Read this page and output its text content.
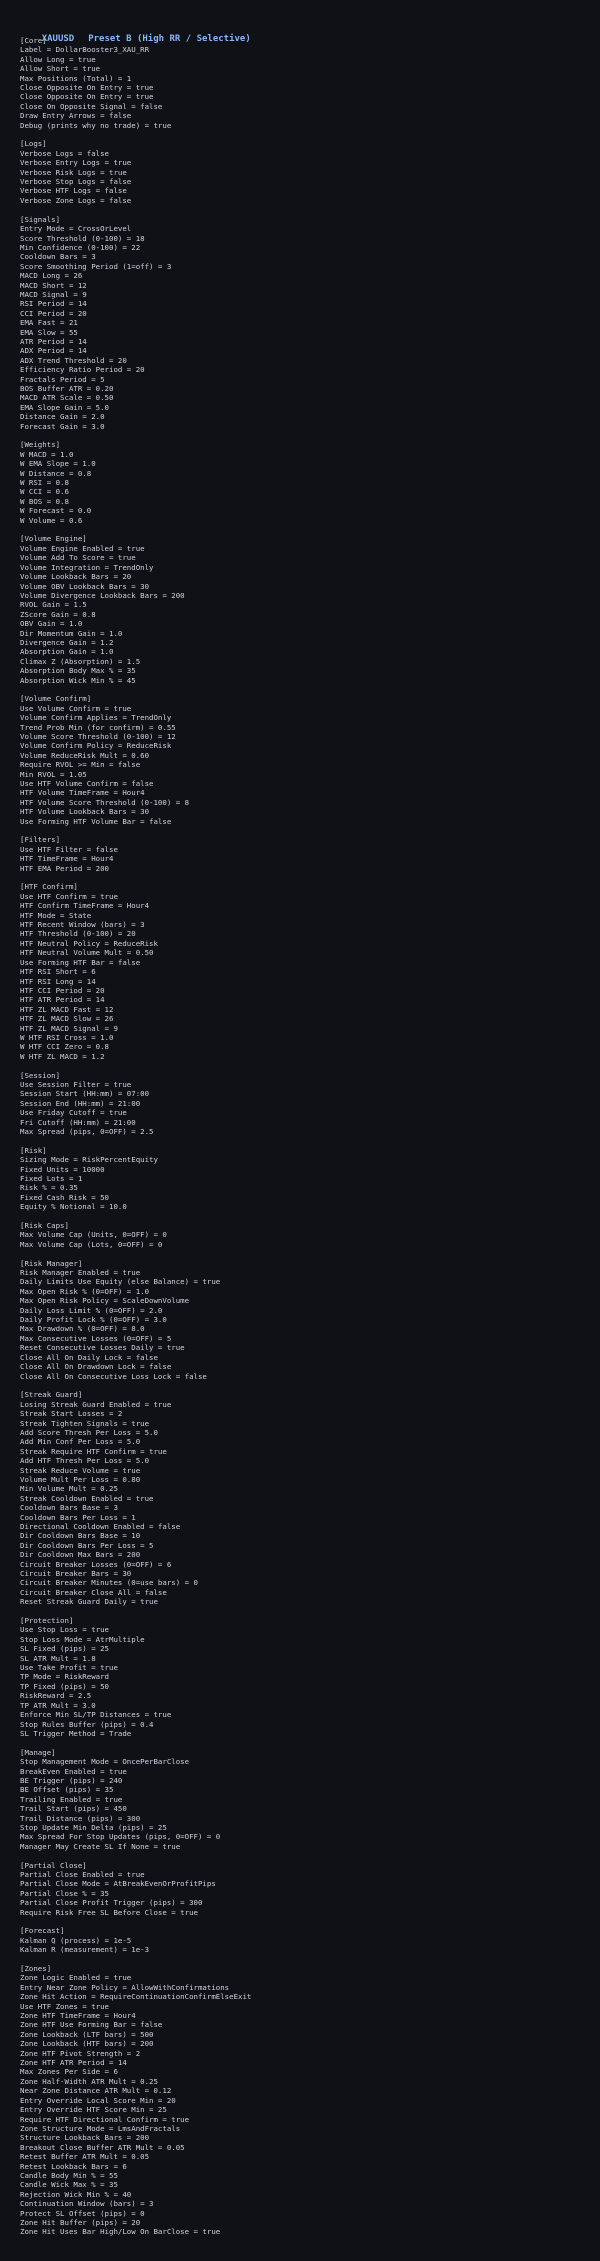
XAUUSD Preset B (High RR / Selective)

[Core]
Label = DollarBooster3_XAU_RR
Allow Long = true
Allow Short = true
Max Positions (Total) = 1
Close Opposite On Entry = true
Close Opposite On Entry = true
Close On Opposite Signal = false
Draw Entry Arrows = false
Debug (prints why no trade) = true
[Logs]
Verbose Logs = false
Verbose Entry Logs = true
Verbose Risk Logs = true
Verbose Stop Logs = false
Verbose HTF Logs = false
Verbose Zone Logs = false
[Signals]
Entry Mode = CrossOrLevel
Score Threshold (0-100) = 18
Min Confidence (0-100) = 22
Cooldown Bars = 3
Score Smoothing Period (1=off) = 3
MACD Long = 26
MACD Short = 12
MACD Signal = 9
RSI Period = 14
CCI Period = 20
EMA Fast = 21
EMA Slow = 55
ATR Period = 14
ADX Period = 14
ADX Trend Threshold = 20
Efficiency Ratio Period = 20
Fractals Period = 5
BOS Buffer ATR = 0.20
MACD ATR Scale = 0.50
EMA Slope Gain = 5.0
Distance Gain = 2.0
Forecast Gain = 3.0
[Weights]
W MACD = 1.0
W EMA Slope = 1.0
W Distance = 0.8
W RSI = 0.8
W CCI = 0.6
W BOS = 0.8
W Forecast = 0.0
W Volume = 0.6
[Volume Engine]
Volume Engine Enabled = true
Volume Add To Score = true
Volume Integration = TrendOnly
Volume Lookback Bars = 20
Volume OBV Lookback Bars = 30
Volume Divergence Lookback Bars = 200
RVOL Gain = 1.5
ZScore Gain = 0.8
OBV Gain = 1.0
Dir Momentum Gain = 1.0
Divergence Gain = 1.2
Absorption Gain = 1.0
Climax Z (Absorption) = 1.5
Absorption Body Max % = 35
Absorption Wick Min % = 45
[Volume Confirm]
Use Volume Confirm = true
Volume Confirm Applies = TrendOnly
Trend Prob Min (for confirm) = 0.55
Volume Score Threshold (0-100) = 12
Volume Confirm Policy = ReduceRisk
Volume ReduceRisk Mult = 0.60
Require RVOL >= Min = false
Min RVOL = 1.05
Use HTF Volume Confirm = false
HTF Volume TimeFrame = Hour4
HTF Volume Score Threshold (0-100) = 8
HTF Volume Lookback Bars = 30
Use Forming HTF Volume Bar = false
[Filters]
Use HTF Filter = false
HTF TimeFrame = Hour4
HTF EMA Period = 200
[HTF Confirm]
Use HTF Confirm = true
HTF Confirm TimeFrame = Hour4
HTF Mode = State
HTF Recent Window (bars) = 3
HTF Threshold (0-100) = 20
HTF Neutral Policy = ReduceRisk
HTF Neutral Volume Mult = 0.50
Use Forming HTF Bar = false
HTF RSI Short = 6
HTF RSI Long = 14
HTF CCI Period = 20
HTF ATR Period = 14
HTF ZL MACD Fast = 12
HTF ZL MACD Slow = 26
HTF ZL MACD Signal = 9
W HTF RSI Cross = 1.0
W HTF CCI Zero = 0.8
W HTF ZL MACD = 1.2
[Session]
Use Session Filter = true
Session Start (HH:mm) = 07:00
Session End (HH:mm) = 21:00
Use Friday Cutoff = true
Fri Cutoff (HH:mm) = 21:00
Max Spread (pips, 0=OFF) = 2.5
[Risk]
Sizing Mode = RiskPercentEquity
Fixed Units = 10000
Fixed Lots = 1
Risk % = 0.35
Fixed Cash Risk = 50
Equity % Notional = 10.0
[Risk Caps]
Max Volume Cap (Units, 0=OFF) = 0
Max Volume Cap (Lots, 0=OFF) = 0
[Risk Manager]
Risk Manager Enabled = true
Daily Limits Use Equity (else Balance) = true
Max Open Risk % (0=OFF) = 1.0
Max Open Risk Policy = ScaleDownVolume
Daily Loss Limit % (0=OFF) = 2.0
Daily Profit Lock % (0=OFF) = 3.0
Max Drawdown % (0=OFF) = 8.0
Max Consecutive Losses (0=OFF) = 5
Reset Consecutive Losses Daily = true
Close All On Daily Lock = false
Close All On Drawdown Lock = false
Close All On Consecutive Loss Lock = false
[Streak Guard]
Losing Streak Guard Enabled = true
Streak Start Losses = 2
Streak Tighten Signals = true
Add Score Thresh Per Loss = 5.0
Add Min Conf Per Loss = 5.0
Streak Require HTF Confirm = true
Add HTF Thresh Per Loss = 5.0
Streak Reduce Volume = true
Volume Mult Per Loss = 0.80
Min Volume Mult = 0.25
Streak Cooldown Enabled = true
Cooldown Bars Base = 3
Cooldown Bars Per Loss = 1
Directional Cooldown Enabled = false
Dir Cooldown Bars Base = 10
Dir Cooldown Bars Per Loss = 5
Dir Cooldown Max Bars = 200
Circuit Breaker Losses (0=OFF) = 6
Circuit Breaker Bars = 30
Circuit Breaker Minutes (0=use bars) = 0
Circuit Breaker Close All = false
Reset Streak Guard Daily = true
[Protection]
Use Stop Loss = true
Stop Loss Mode = AtrMultiple
SL Fixed (pips) = 25
SL ATR Mult = 1.8
Use Take Profit = true
TP Mode = RiskReward
TP Fixed (pips) = 50
RiskReward = 2.5
TP ATR Mult = 3.0
Enforce Min SL/TP Distances = true
Stop Rules Buffer (pips) = 0.4
SL Trigger Method = Trade
[Manage]
Stop Management Mode = OncePerBarClose
BreakEven Enabled = true
BE Trigger (pips) = 240
BE Offset (pips) = 35
Trailing Enabled = true
Trail Start (pips) = 450
Trail Distance (pips) = 300
Stop Update Min Delta (pips) = 25
Max Spread For Stop Updates (pips, 0=OFF) = 0
Manager May Create SL If None = true
[Partial Close]
Partial Close Enabled = true
Partial Close Mode = AtBreakEvenOrProfitPips
Partial Close % = 35
Partial Close Profit Trigger (pips) = 300
Require Risk Free SL Before Close = true
[Forecast]
Kalman Q (process) = 1e-5
Kalman R (measurement) = 1e-3
[Zones]
Zone Logic Enabled = true
Entry Near Zone Policy = AllowWithConfirmations
Zone Hit Action = RequireContinuationConfirmElseExit
Use HTF Zones = true
Zone HTF TimeFrame = Hour4
Zone HTF Use Forming Bar = false
Zone Lookback (LTF bars) = 500
Zone Lookback (HTF bars) = 200
Zone HTF Pivot Strength = 2
Zone HTF ATR Period = 14
Max Zones Per Side = 6
Zone Half-Width ATR Mult = 0.25
Near Zone Distance ATR Mult = 0.12
Entry Override Local Score Min = 20
Entry Override HTF Score Min = 25
Require HTF Directional Confirm = true
Zone Structure Mode = LmsAndFractals
Structure Lookback Bars = 200
Breakout Close Buffer ATR Mult = 0.05
Retest Buffer ATR Mult = 0.05
Retest Lookback Bars = 6
Candle Body Min % = 55
Candle Wick Max % = 35
Rejection Wick Min % = 40
Continuation Window (bars) = 3
Protect SL Offset (pips) = 0
Zone Hit Buffer (pips) = 20
Zone Hit Uses Bar High/Low On BarClose = true
